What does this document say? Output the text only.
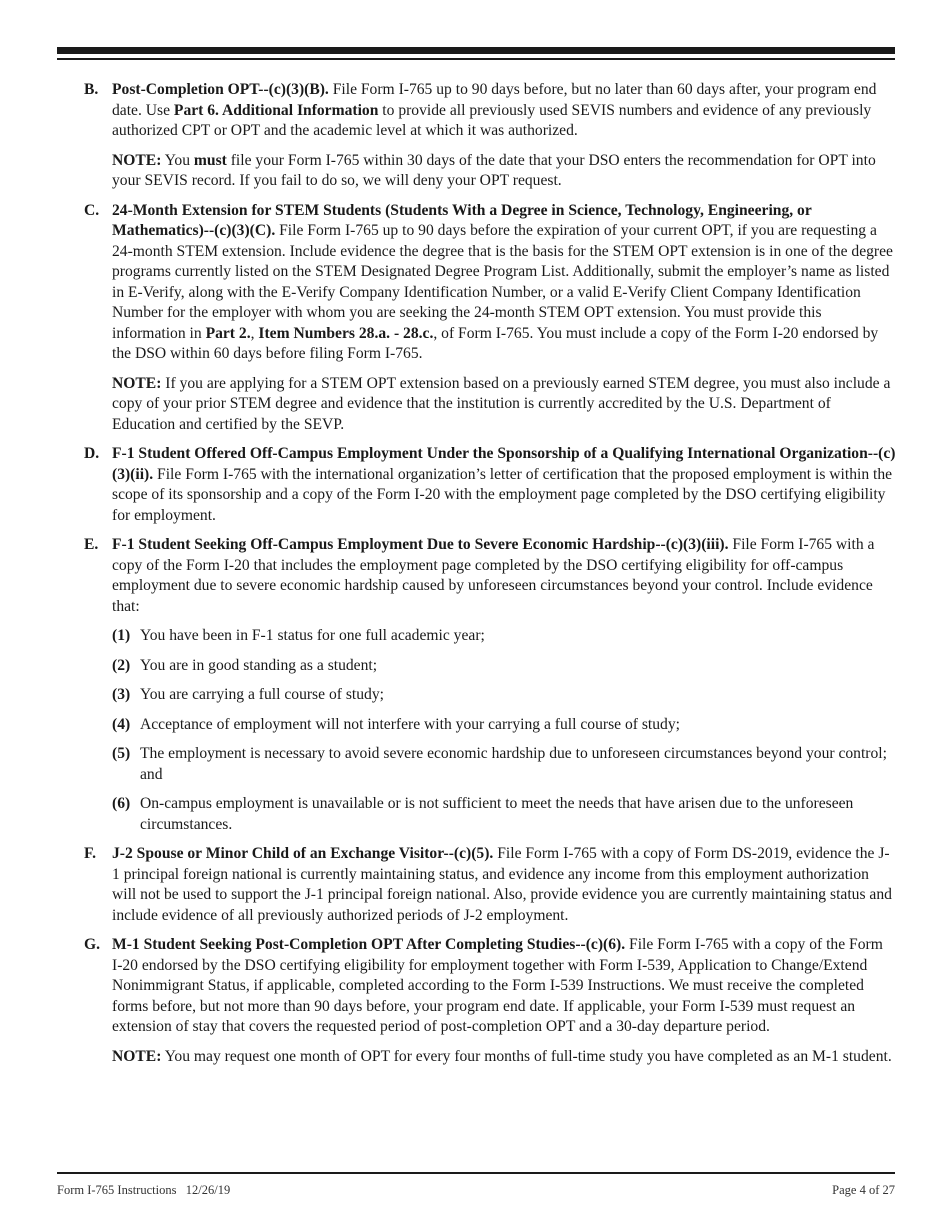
B. Post-Completion OPT--(c)(3)(B). File Form I-765 up to 90 days before, but no later than 60 days after, your program end date. Use Part 6. Additional Information to provide all previously used SEVIS numbers and evidence of any previously authorized CPT or OPT and the academic level at which it was authorized.
NOTE: You must file your Form I-765 within 30 days of the date that your DSO enters the recommendation for OPT into your SEVIS record. If you fail to do so, we will deny your OPT request.
C. 24-Month Extension for STEM Students (Students With a Degree in Science, Technology, Engineering, or Mathematics)--(c)(3)(C). File Form I-765 up to 90 days before the expiration of your current OPT, if you are requesting a 24-month STEM extension. Include evidence the degree that is the basis for the STEM OPT extension is in one of the degree programs currently listed on the STEM Designated Degree Program List. Additionally, submit the employer’s name as listed in E-Verify, along with the E-Verify Company Identification Number, or a valid E-Verify Client Company Identification Number for the employer with whom you are seeking the 24-month STEM OPT extension. You must provide this information in Part 2., Item Numbers 28.a. - 28.c., of Form I-765. You must include a copy of the Form I-20 endorsed by the DSO within 60 days before filing Form I-765.
NOTE: If you are applying for a STEM OPT extension based on a previously earned STEM degree, you must also include a copy of your prior STEM degree and evidence that the institution is currently accredited by the U.S. Department of Education and certified by the SEVP.
D. F-1 Student Offered Off-Campus Employment Under the Sponsorship of a Qualifying International Organization--(c)(3)(ii). File Form I-765 with the international organization’s letter of certification that the proposed employment is within the scope of its sponsorship and a copy of the Form I-20 with the employment page completed by the DSO certifying eligibility for employment.
E. F-1 Student Seeking Off-Campus Employment Due to Severe Economic Hardship--(c)(3)(iii). File Form I-765 with a copy of the Form I-20 that includes the employment page completed by the DSO certifying eligibility for off-campus employment due to severe economic hardship caused by unforeseen circumstances beyond your control. Include evidence that:
(1) You have been in F-1 status for one full academic year;
(2) You are in good standing as a student;
(3) You are carrying a full course of study;
(4) Acceptance of employment will not interfere with your carrying a full course of study;
(5) The employment is necessary to avoid severe economic hardship due to unforeseen circumstances beyond your control; and
(6) On-campus employment is unavailable or is not sufficient to meet the needs that have arisen due to the unforeseen circumstances.
F. J-2 Spouse or Minor Child of an Exchange Visitor--(c)(5). File Form I-765 with a copy of Form DS-2019, evidence the J-1 principal foreign national is currently maintaining status, and evidence any income from this employment authorization will not be used to support the J-1 principal foreign national. Also, provide evidence you are currently maintaining status and include evidence of all previously authorized periods of J-2 employment.
G. M-1 Student Seeking Post-Completion OPT After Completing Studies--(c)(6). File Form I-765 with a copy of the Form I-20 endorsed by the DSO certifying eligibility for employment together with Form I-539, Application to Change/Extend Nonimmigrant Status, if applicable, completed according to the Form I-539 Instructions. We must receive the completed forms before, but not more than 90 days before, your program end date. If applicable, your Form I-539 must request an extension of stay that covers the requested period of post-completion OPT and a 30-day departure period.
NOTE: You may request one month of OPT for every four months of full-time study you have completed as an M-1 student.
Form I-765 Instructions   12/26/19	Page 4 of 27
